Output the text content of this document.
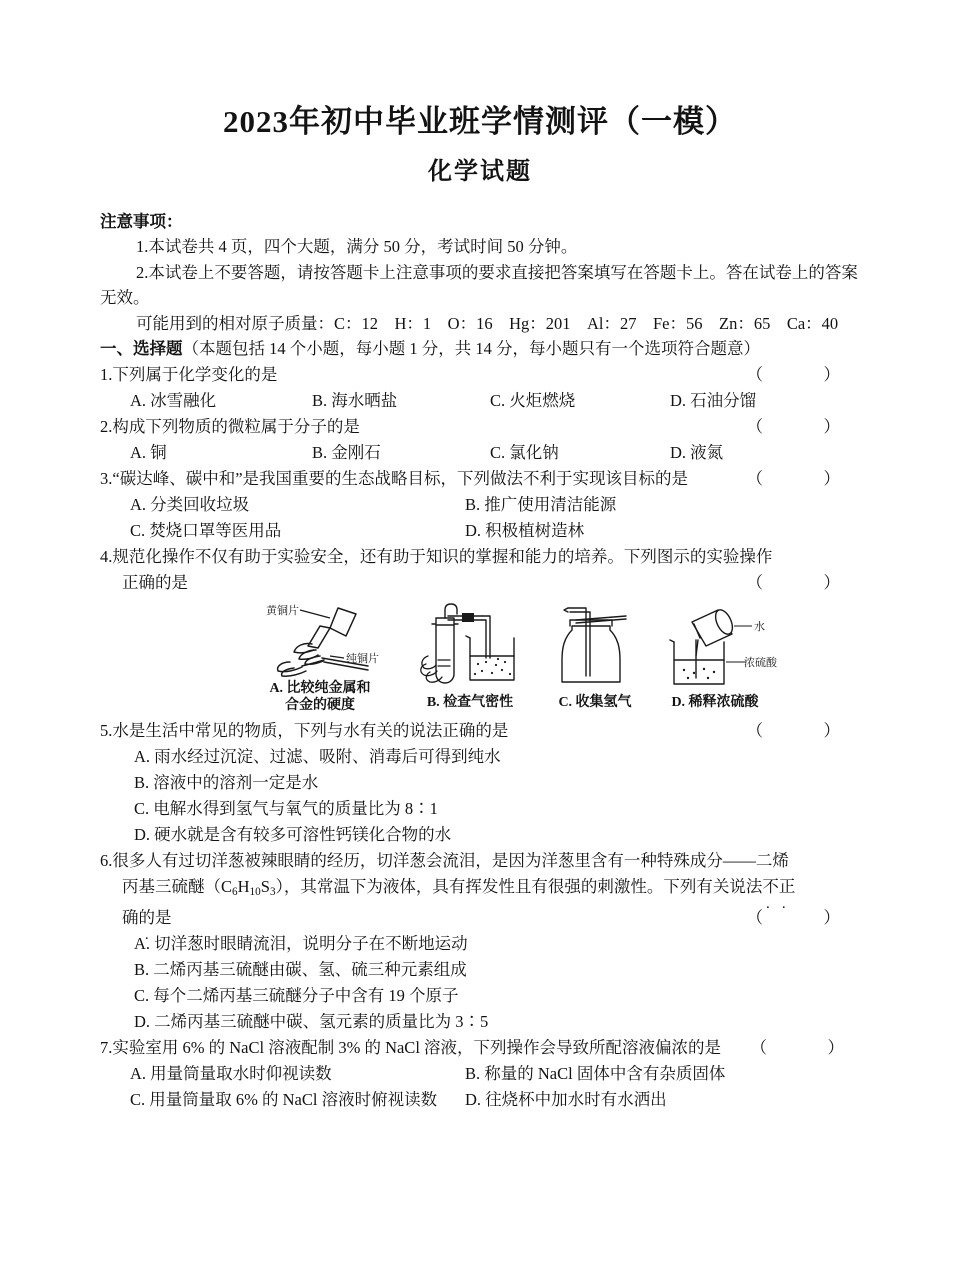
2023年初中毕业班学情测评（一模）
化学试题
注意事项：
1.本试卷共 4 页，四个大题，满分 50 分，考试时间 50 分钟。
2.本试卷上不要答题，请按答题卡上注意事项的要求直接把答案填写在答题卡上。答在试卷上的答案无效。
可能用到的相对原子质量：C：12　H：1　O：16　Hg：201　Al：27　Fe：56　Zn：65　Ca：40
一、选择题（本题包括 14 个小题，每小题 1 分，共 14 分，每小题只有一个选项符合题意）
1.下列属于化学变化的是	（　）
A. 冰雪融化	B. 海水晒盐	C. 火炬燃烧	D. 石油分馏
2.构成下列物质的微粒属于分子的是	（　）
A. 铜	B. 金刚石	C. 氯化钠	D. 液氮
3.“碳达峰、碳中和”是我国重要的生态战略目标，下列做法不利于实现该目标的是	（　）
A. 分类回收垃圾	B. 推广使用清洁能源
C. 焚烧口罩等医用品	D. 积极植树造林
4.规范化操作不仅有助于实验安全，还有助于知识的掌握和能力的培养。下列图示的实验操作
正确的是	（　）
黄铜片
纯铜片
A. 比较纯金属和
合金的硬度	B. 检查气密性	C. 收集氢气
水
浓硫酸
D. 稀释浓硫酸
5.水是生活中常见的物质，下列与水有关的说法正确的是	（　）
A. 雨水经过沉淀、过滤、吸附、消毒后可得到纯水
B. 溶液中的溶剂一定是水
C. 电解水得到氢气与氧气的质量比为 8∶1
D. 硬水就是含有较多可溶性钙镁化合物的水
6.很多人有过切洋葱被辣眼睛的经历，切洋葱会流泪，是因为洋葱里含有一种特殊成分——二烯
丙基三硫醚$(C_6H_{10}S_3)$，其常温下为液体，具有挥发性且有很强的刺激性。下列有关说法不正 ··
确的是	（　）
A. 切洋葱时眼睛流泪，说明分子在不断地运动
B. 二烯丙基三硫醚由碳、氢、硫三种元素组成
C. 每个二烯丙基三硫醚分子中含有 19 个原子
D. 二烯丙基三硫醚中碳、氢元素的质量比为 3∶5
7.实验室用 6% 的 NaCl 溶液配制 3% 的 NaCl 溶液，下列操作会导致所配溶液偏浓的是 （　）
A. 用量筒量取水时仰视读数	B. 称量的 NaCl 固体中含有杂质固体
C. 用量筒量取 6% 的 NaCl 溶液时俯视读数	D. 往烧杯中加水时有水洒出
